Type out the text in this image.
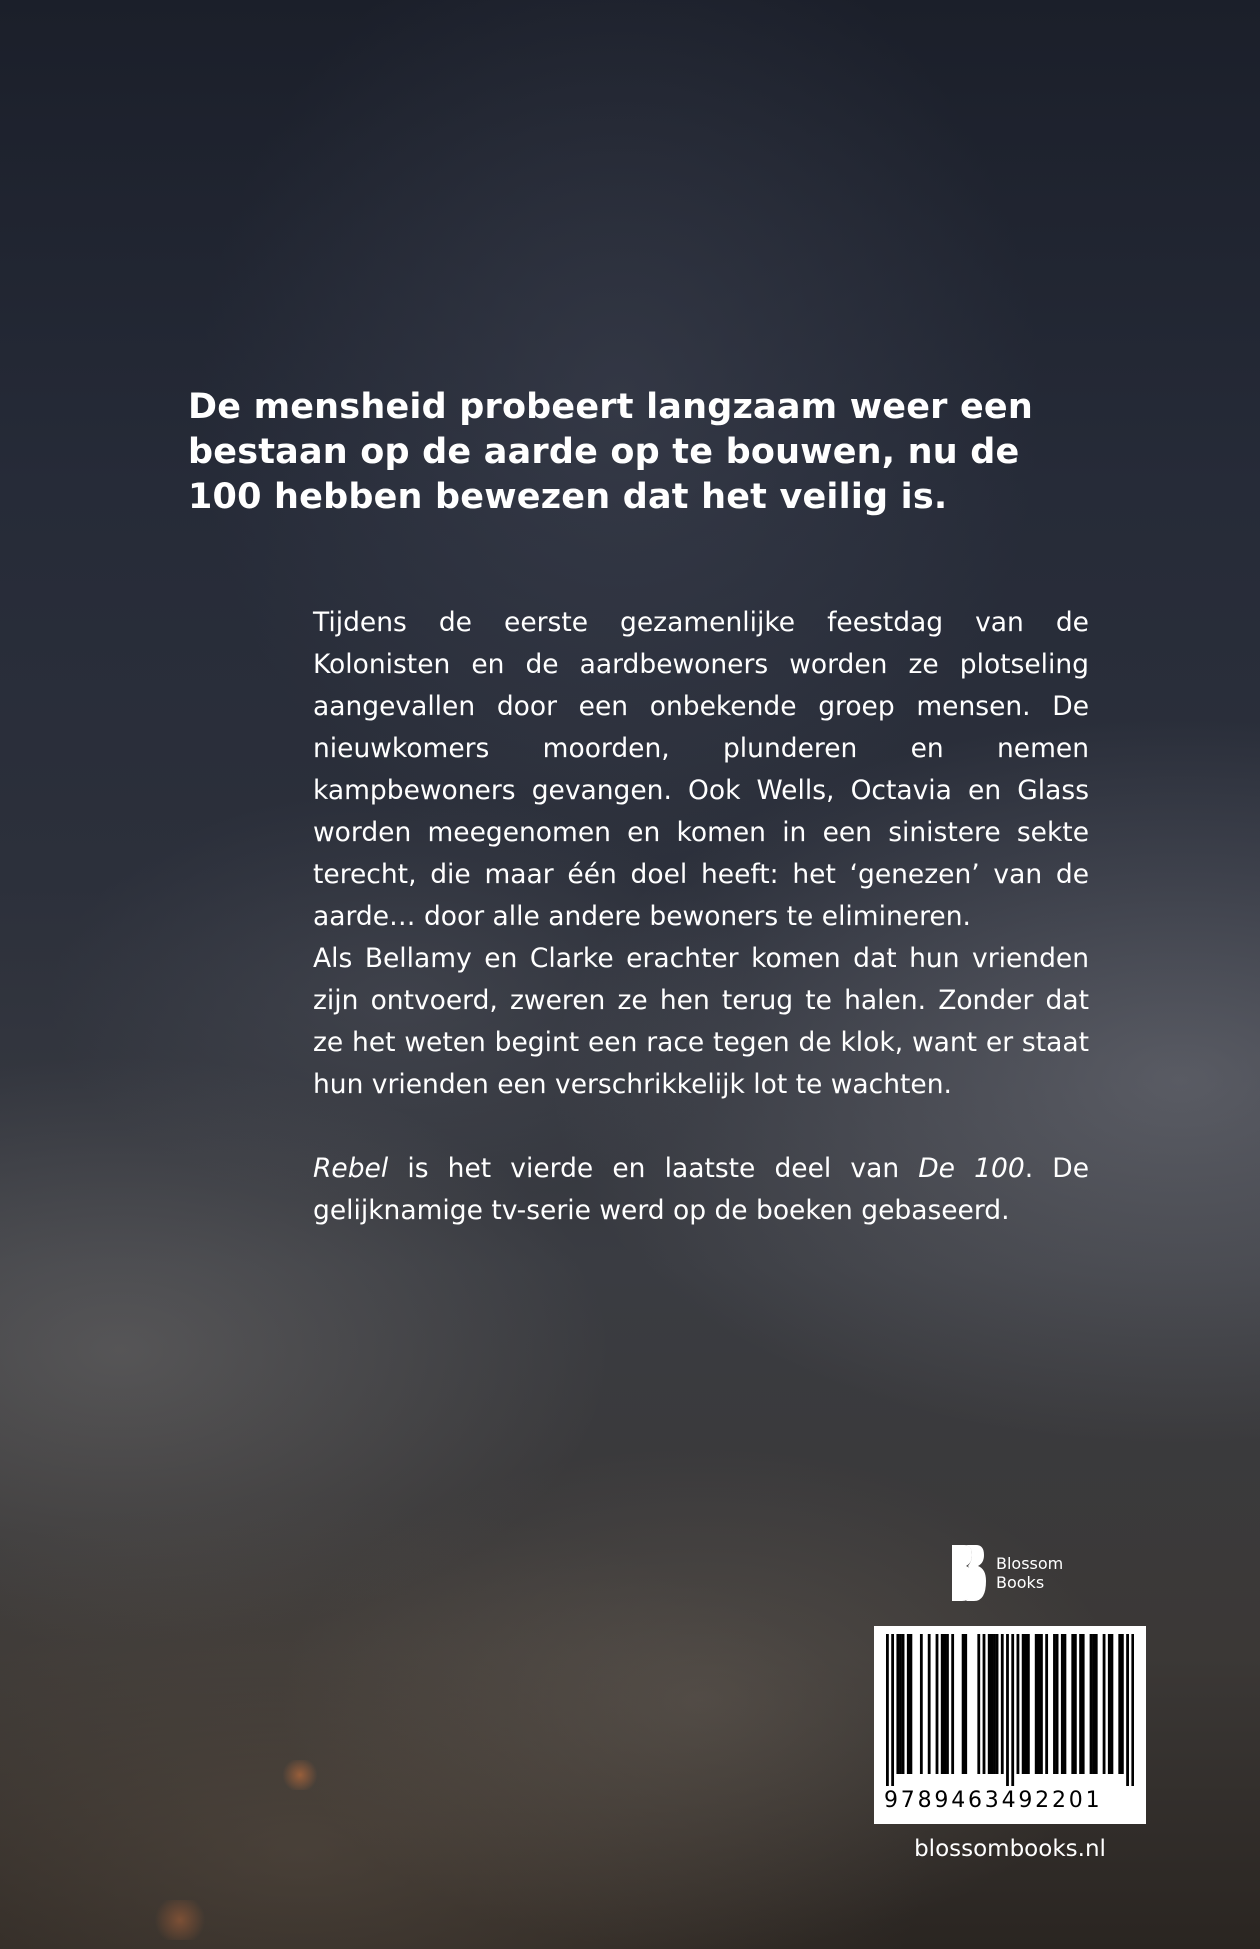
De mensheid probeert langzaam weer een
bestaan op de aarde op te bouwen, nu de
100 hebben bewezen dat het veilig is.

Tijdens de eerste gezamenlijke feestdag van de Kolonisten en de aardbewoners worden ze plotseling aangevallen door een onbekende groep mensen. De nieuwkomers moorden, plunderen en nemen kampbewoners gevangen. Ook Wells, Octavia en Glass worden meegenomen en komen in een sinistere sekte terecht, die maar één doel heeft: het ‘genezen’ van de aarde… door alle andere bewoners te elimineren.

Als Bellamy en Clarke erachter komen dat hun vrienden zijn ontvoerd, zweren ze hen terug te halen. Zonder dat ze het weten begint een race tegen de klok, want er staat hun vrienden een verschrikkelijk lot te wachten.

Rebel is het vierde en laatste deel van De 100. De gelijknamige tv-serie werd op de boeken gebaseerd.

Blossom
Books
9789463492201
blossombooks.nl
